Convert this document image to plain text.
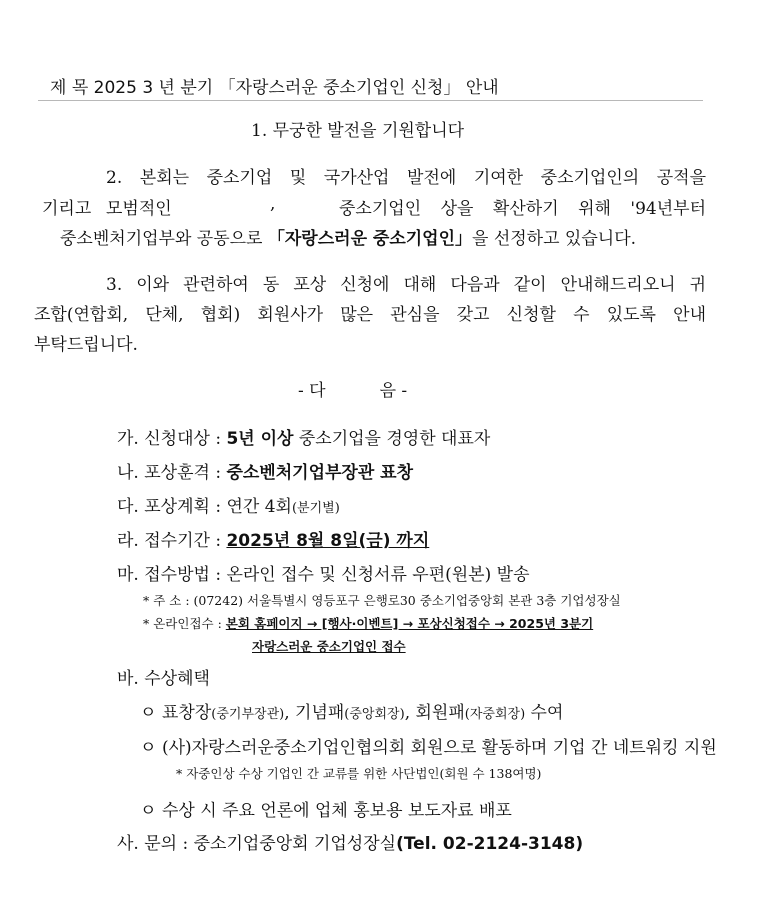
제 목 2025 3 년 분기 「자랑스러운 중소기업인 신청」 안내
1. 무궁한 발전을 기원합니다
2. 본회는 중소기업 및 국가산업 발전에 기여한 중소기업인의 공적을
기리고 모범적인	,	중소기업인 상을 확산하기 위해 '94년부터
중소벤처기업부와 공동으로 「자랑스러운 중소기업인」을 선정하고 있습니다.
3. 이와 관련하여 동 포상 신청에 대해 다음과 같이 안내해드리오니 귀
조합(연합회, 단체, 협회) 회원사가 많은 관심을 갖고 신청할 수 있도록 안내
부탁드립니다.
- 다          음 -
가. 신청대상 : 5년 이상 중소기업을 경영한 대표자
나. 포상훈격 : 중소벤처기업부장관 표창
다. 포상계획 : 연간 4회(분기별)
라. 접수기간 : 2025년 8월 8일(금) 까지
마. 접수방법 : 온라인 접수 및 신청서류 우편(원본) 발송
* 주 소 : (07242) 서울특별시 영등포구 은행로30 중소기업중앙회 본관 3층 기업성장실
* 온라인접수 : 본회 홈페이지 → [행사·이벤트] → 포상신청접수 → 2025년 3분기
자랑스러운 중소기업인 접수
바. 수상혜택
ㅇ 표창장(중기부장관), 기념패(중앙회장), 회원패(자중회장) 수여
ㅇ (사)자랑스러운중소기업인협의회 회원으로 활동하며 기업 간 네트워킹 지원
* 자중인상 수상 기업인 간 교류를 위한 사단법인(회원 수 138여명)
ㅇ 수상 시 주요 언론에 업체 홍보용 보도자료 배포
사. 문의 : 중소기업중앙회 기업성장실(Tel. 02-2124-3148)
